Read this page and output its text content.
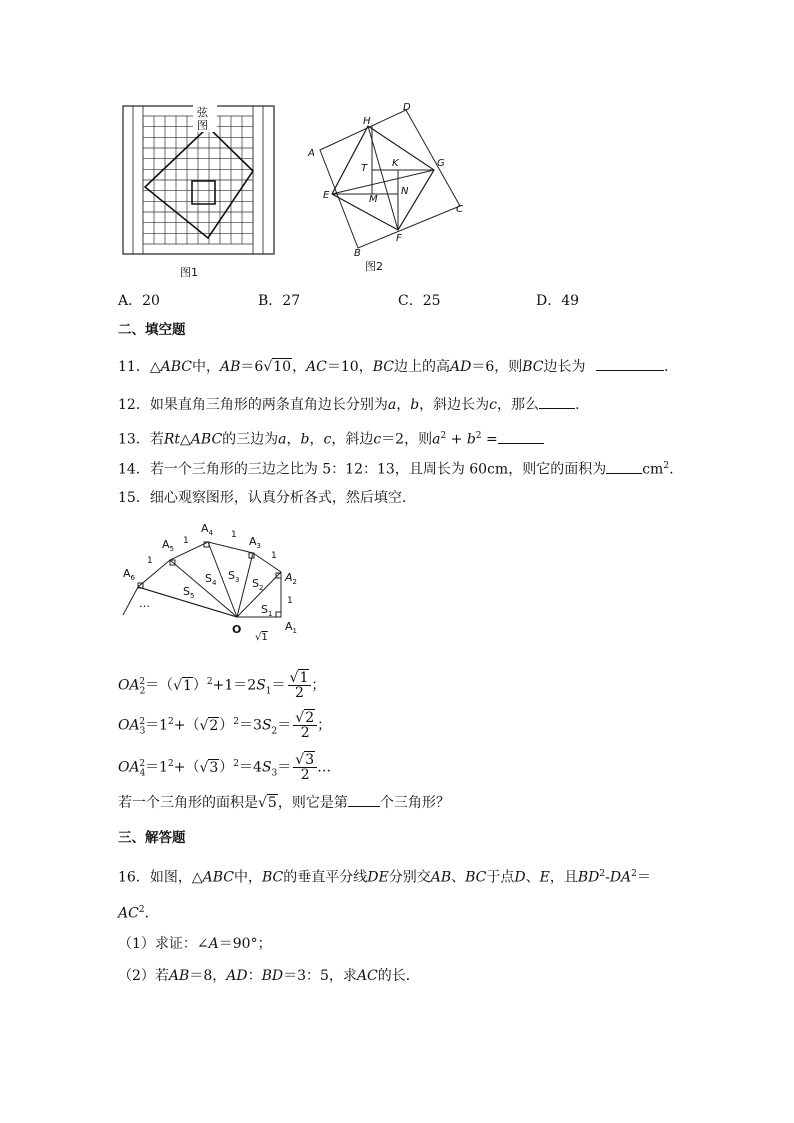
弦
图
图1
H
D
A
T K	G
E	M
N
C
F
B
图2
A．20	B．27	C．25	D．49
二、填空题
11．△ABC中，AB＝6√10，AC＝10，BC边上的高AD＝6，则BC边长为	.
12．如果直角三角形的两条直角边长分别为a，b，斜边长为c，那么	.
13．若Rt△ABC的三边为a，b，c，斜边c＝2，则$a^2 + b^2$ =
14．若一个三角形的三边之比为 5：12：13，且周长为 60cm，则它的面积为	$cm^2$.
15．细心观察图形，认真分析各式，然后填空．
$A_2$
$A_1$
$A_3$
$A_4$
$A_5$
$A_6$
$S_1$
$S_2$
$S_3$
$S_4$
$S_5$
O
1
1
1
1
1
…
√1
$OA_2^2=(√1)^2+1=2S_1= \frac{√1}{2}$ ；
$OA_3^2=1^2+(√2)^2=3S_2= \frac{√2}{2}$ ；
$OA_4^2=1^2+(√3)^2=4S_3= \frac{√3}{2}$ …
若一个三角形的面积是√5，则它是第 个三角形？
三、解答题
16．如图，△ABC中，BC的垂直平分线DE分别交AB、BC于点D、E，且$BD^2-DA^2=$
$AC^2$．
（1）求证：∠A＝90°；
（2）若AB＝8，AD：BD＝3：5，求AC的长．
